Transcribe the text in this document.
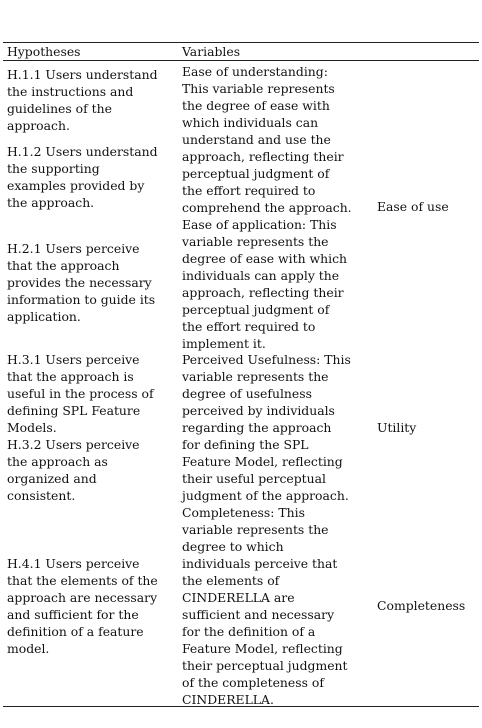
Hypotheses	Variables
H.1.1 Users understand
the instructions and
guidelines of the
approach.
H.1.2 Users understand
the supporting
examples provided by
the approach.
H.2.1 Users perceive
that the approach
provides the necessary
information to guide its
application.
H.3.1 Users perceive
that the approach is
useful in the process of
defining SPL Feature
Models.
H.3.2 Users perceive
the approach as
organized and
consistent.
H.4.1 Users perceive
that the elements of the
approach are necessary
and sufficient for the
definition of a feature
model.
Ease of understanding:
This variable represents
the degree of ease with
which individuals can
understand and use the
approach, reflecting their
perceptual judgment of
the effort required to
comprehend the approach.
Ease of application: This
variable represents the
degree of ease with which
individuals can apply the
approach, reflecting their
perceptual judgment of
the effort required to
implement it.
Perceived Usefulness: This
variable represents the
degree of usefulness
perceived by individuals
regarding the approach
for defining the SPL
Feature Model, reflecting
their useful perceptual
judgment of the approach.
Completeness: This
variable represents the
degree to which
individuals perceive that
the elements of
CINDERELLA are
sufficient and necessary
for the definition of a
Feature Model, reflecting
their perceptual judgment
of the completeness of
CINDERELLA.
Ease of use
Utility
Completeness
